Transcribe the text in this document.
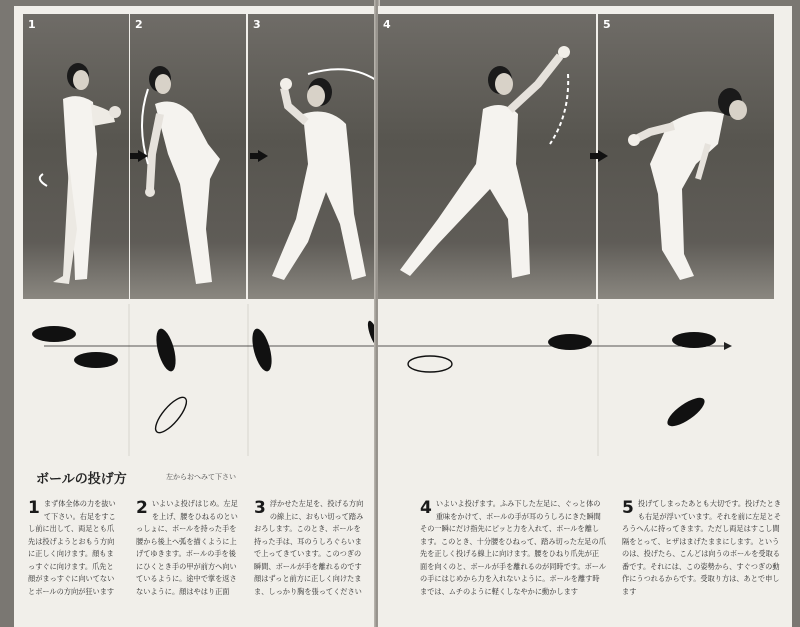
1	2	3
ボールの投げ方	左からおへみて下さい
1 まず体全体の力を抜いて下さい。右足をすこし前に出して、両足とも爪先は投げようとおもう方向に正しく向けます。顔もまっすぐに向けます。爪先と顔がまっすぐに向いてないとボールの方向が狂います
2 いよいよ投げはじめ。左足を上げ、腰をひねるのといっしょに、ボールを持った手を腰から後上へ弧を描くように上げてゆきます。ボールの手を後にひくとき手の甲が前方へ向いているように。途中で掌を返さないように。顔はやはり正面
3 浮かせた左足を、投げる方向の線上に、おもい切って踏みおろします。このとき、ボールを持った手は、耳のうしろぐらいまで上ってきています。このつぎの瞬間、ボールが手を離れるのです顔はずっと前方に正しく向けたまま、しっかり胸を張ってください
4	5
4 いよいよ投げます。ふみ下した左足に、ぐっと体の重味をかけて、ボールの手が耳のうしろにきた瞬間その一瞬にだけ指先にピッと力を入れて、ボールを離します。このとき、十分腰をひねって、踏み切った左足の爪先を正しく投げる線上に向けます。腰をひねり爪先が正面を向くのと、ボールが手を離れるのが同時です。ボールの手にはじめから力を入れないように。ボールを離す時までは、ムチのように軽くしなやかに動かします
5 投げてしまったあとも大切です。投げたときも右足が浮いています。それを前に左足とそろうへんに持ってきます。ただし両足はすこし間隔をとって、ヒザはまげたままにします。というのは、投げたら、こんどは向うのボールを受取る番です。それには、この姿勢から、すぐつぎの動作にうつれるからです。受取り方は、あとで申します
